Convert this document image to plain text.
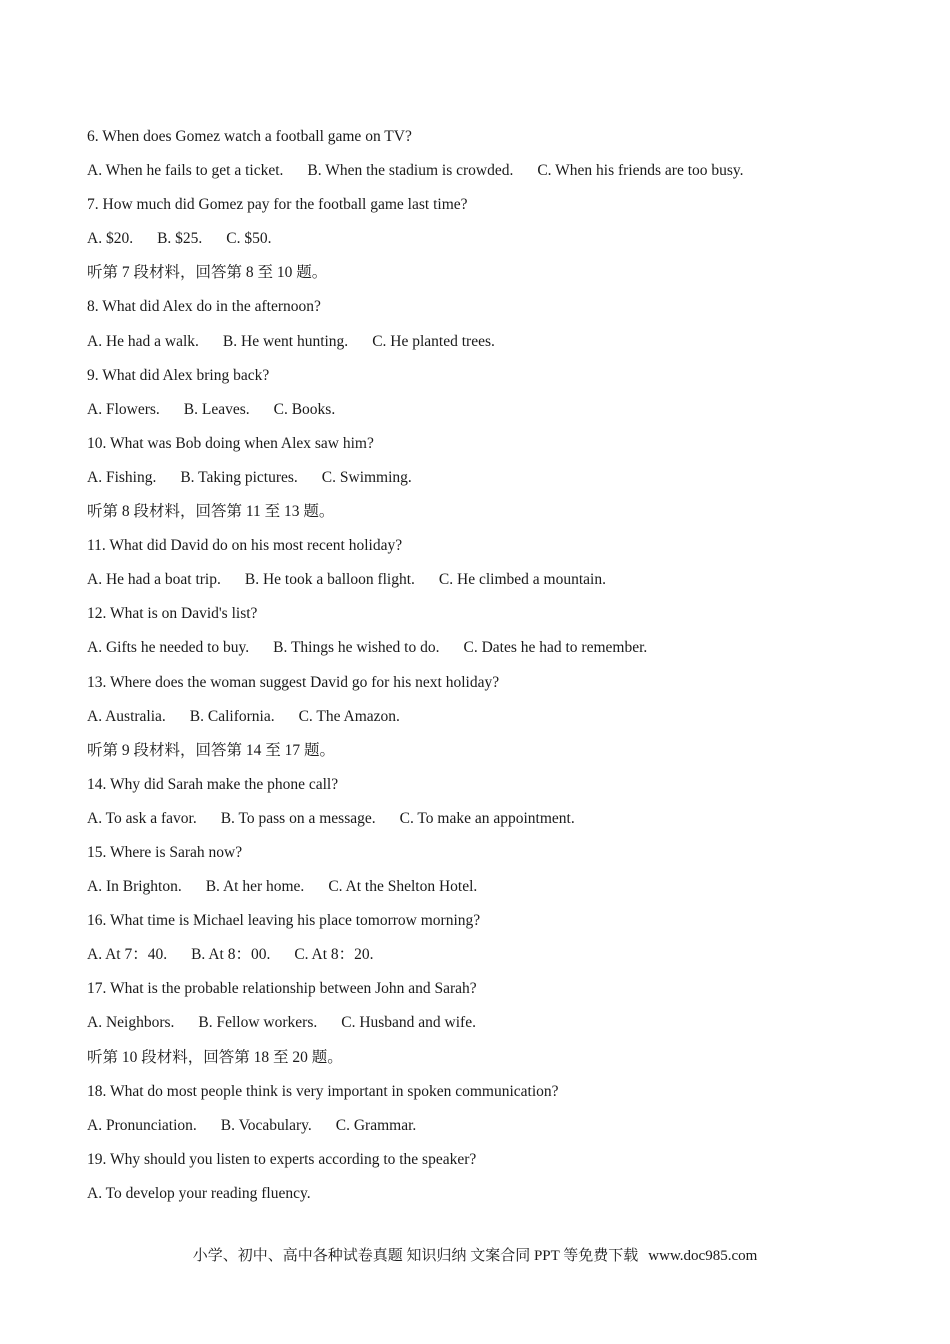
6. When does Gomez watch a football game on TV?
A. When he fails to get a ticket. B. When the stadium is crowded. C. When his friends are too busy.
7. How much did Gomez pay for the football game last time?
A. $20. B. $25. C. $50.
听第 7 段材料，回答第 8 至 10 题。
8. What did Alex do in the afternoon?
A. He had a walk. B. He went hunting. C. He planted trees.
9. What did Alex bring back?
A. Flowers. B. Leaves. C. Books.
10. What was Bob doing when Alex saw him?
A. Fishing. B. Taking pictures. C. Swimming.
听第 8 段材料，回答第 11 至 13 题。
11. What did David do on his most recent holiday?
A. He had a boat trip. B. He took a balloon flight. C. He climbed a mountain.
12. What is on David's list?
A. Gifts he needed to buy. B. Things he wished to do. C. Dates he had to remember.
13. Where does the woman suggest David go for his next holiday?
A. Australia. B. California. C. The Amazon.
听第 9 段材料，回答第 14 至 17 题。
14. Why did Sarah make the phone call?
A. To ask a favor. B. To pass on a message. C. To make an appointment.
15. Where is Sarah now?
A. In Brighton. B. At her home. C. At the Shelton Hotel.
16. What time is Michael leaving his place tomorrow morning?
A. At 7：40. B. At 8：00. C. At 8：20.
17. What is the probable relationship between John and Sarah?
A. Neighbors. B. Fellow workers. C. Husband and wife.
听第 10 段材料，回答第 18 至 20 题。
18. What do most people think is very important in spoken communication?
A. Pronunciation. B. Vocabulary. C. Grammar.
19. Why should you listen to experts according to the speaker?
A. To develop your reading fluency.
小学、初中、高中各种试卷真题 知识归纳 文案合同 PPT 等免费下载 www.doc985.com
